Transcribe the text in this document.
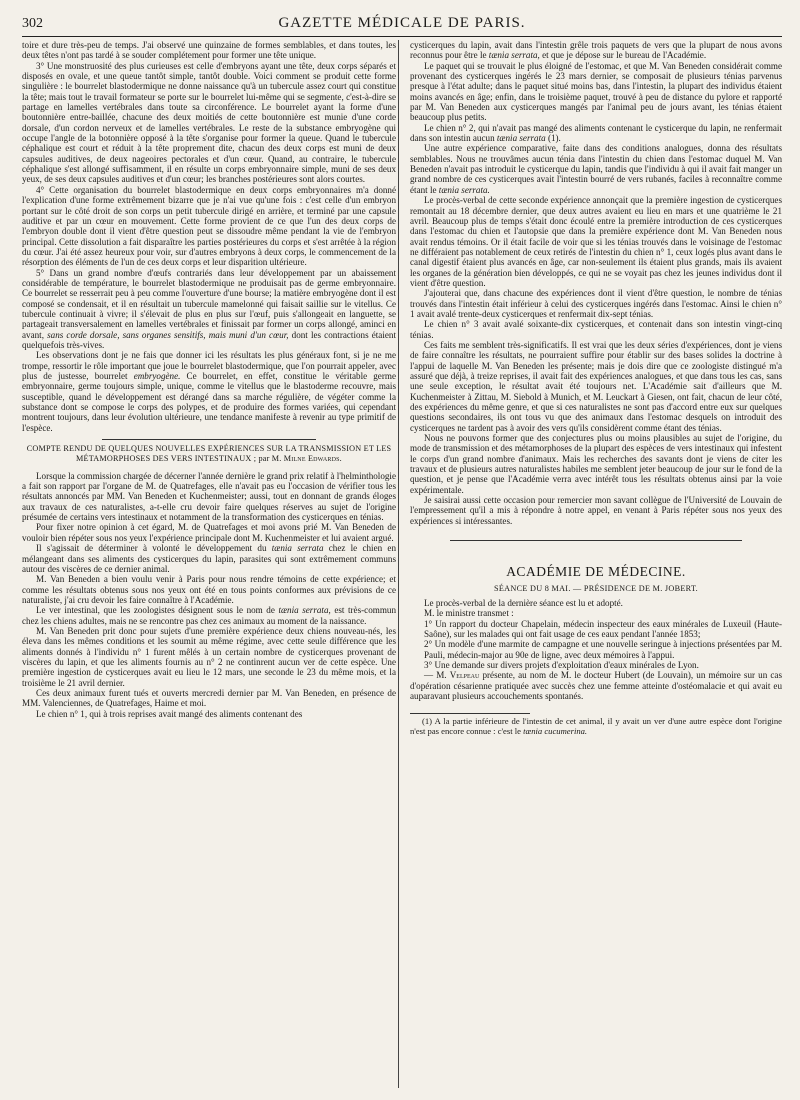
302	GAZETTE MÉDICALE DE PARIS.

toire et dure très-peu de temps. J'ai observé une quinzaine de formes semblables, et dans toutes, les deux têtes n'ont pas tardé à se souder complétement pour former une tête unique.

3° Une monstruosité des plus curieuses est celle d'embryons ayant une tête, deux corps séparés et disposés en ovale, et une queue tantôt simple, tantôt double. Voici comment se produit cette forme singulière : le bourrelet blastodermique ne donne naissance qu'à un tubercule assez court qui constitue la tête; mais tout le travail formateur se porte sur le bourrelet lui-même qui se segmente, c'est-à-dire se partage en lamelles vertébrales dans toute sa circonférence. Le bourrelet ayant la forme d'une boutonnière entre-baillée, chacune des deux moitiés de cette boutonnière est munie d'une corde dorsale, d'un cordon nerveux et de lamelles vertébrales. Le reste de la substance embryogène qui occupe l'angle de la botonnière opposé à la tête s'organise pour former la queue. Quand le tubercule céphalique est court et réduit à la tête proprement dite, chacun des deux corps est muni de deux capsules auditives, de deux nageoires pectorales et d'un cœur. Quand, au contraire, le tubercule céphalique s'est allongé suffisamment, il en résulte un corps embryonnaire simple, muni de ses deux yeux, de ses deux capsules auditives et d'un cœur; les branches postérieures sont alors courtes.

4° Cette organisation du bourrelet blastodermique en deux corps embryonnaires m'a donné l'explication d'une forme extrêmement bizarre que je n'ai vue qu'une fois : c'est celle d'un embryon portant sur le côté droit de son corps un petit tubercule dirigé en arrière, et terminé par une capsule auditive et par un cœur en mouvement. Cette forme provient de ce que l'un des deux corps de l'embryon double dont il vient d'être question peut se dissoudre même pendant la vie de l'embryon principal. Cette dissolution a fait disparaître les parties postérieures du corps et s'est arrêtée à la région du cœur. J'ai été assez heureux pour voir, sur d'autres embryons à deux corps, le commencement de la résorption des éléments de l'un de ces deux corps et leur disparition ultérieure.

5° Dans un grand nombre d'œufs contrariés dans leur développement par un abaissement considérable de température, le bourrelet blastodermique ne produisait pas de germe embryonnaire. Ce bourrelet se resserrait peu à peu comme l'ouverture d'une bourse; la matière embryogène dont il est composé se condensait, et il en résultait un tubercule mamelonné qui faisait saillie sur le vitellus. Ce tubercule continuait à vivre; il s'élevait de plus en plus sur l'œuf, puis s'allongeait en languette, se partageait transversalement en lamelles vertébrales et finissait par former un corps allongé, aminci en avant, sans corde dorsale, sans organes sensitifs, mais muni d'un cœur, dont les contractions étaient quelquefois très-vives.

Les observations dont je ne fais que donner ici les résultats les plus généraux font, si je ne me trompe, ressortir le rôle important que joue le bourrelet blastodermique, que l'on pourrait appeler, avec plus de justesse, bourrelet embryogène. Ce bourrelet, en effet, constitue le véritable germe embryonnaire, germe toujours simple, unique, comme le vitellus que le blastoderme recouvre, mais susceptible, quand le développement est dérangé dans sa marche régulière, de végéter comme la substance dont se compose le corps des polypes, et de produire des formes variées, qui cependant montrent toujours, dans leur évolution ultérieure, une tendance manifeste à revenir au type primitif de l'espèce.

COMPTE RENDU DE QUELQUES NOUVELLES EXPÉRIENCES SUR LA TRANSMISSION ET LES MÉTAMORPHOSES DES VERS INTESTINAUX ; par M. Milne Edwards.

Lorsque la commission chargée de décerner l'année dernière le grand prix relatif à l'helminthologie a fait son rapport par l'organe de M. de Quatrefages, elle n'avait pas eu l'occasion de vérifier tous les résultats annoncés par MM. Van Beneden et Kuchenmeister; aussi, tout en donnant de grands éloges aux travaux de ces naturalistes, a-t-elle cru devoir faire quelques réserves au sujet de l'origine présumée de certains vers intestinaux et notamment de la transformation des cysticerques en ténias.

Pour fixer notre opinion à cet égard, M. de Quatrefages et moi avons prié M. Van Beneden de vouloir bien répéter sous nos yeux l'expérience principale dont M. Kuchenmeister et lui avaient argué.

Il s'agissait de déterminer à volonté le développement du tænia serrata chez le chien en mélangeant dans ses aliments des cysticerques du lapin, parasites qui sont extrêmement communs autour des viscères de ce dernier animal.

M. Van Beneden a bien voulu venir à Paris pour nous rendre témoins de cette expérience; et comme les résultats obtenus sous nos yeux ont été en tous points conformes aux prévisions de ce naturaliste, j'ai cru devoir les faire connaître à l'Académie.

Le ver intestinal, que les zoologistes désignent sous le nom de tænia serrata, est très-commun chez les chiens adultes, mais ne se rencontre pas chez ces animaux au moment de la naissance.

M. Van Beneden prit donc pour sujets d'une première expérience deux chiens nouveau-nés, les éleva dans les mêmes conditions et les soumit au même régime, avec cette seule différence que les aliments donnés à l'individu n° 1 furent mêlés à un certain nombre de cysticerques provenant de viscères du lapin, et que les aliments fournis au n° 2 ne continrent aucun ver de cette espèce. Une première ingestion de cysticerques avait eu lieu le 12 mars, une seconde le 23 du même mois, et la troisième le 21 avril dernier.

Ces deux animaux furent tués et ouverts mercredi dernier par M. Van Beneden, en présence de MM. Valenciennes, de Quatrefages, Haime et moi.

Le chien n° 1, qui à trois reprises avait mangé des aliments contenant des

cysticerques du lapin, avait dans l'intestin grêle trois paquets de vers que la plupart de nous avons reconnus pour être le tænia serrata, et que je dépose sur le bureau de l'Académie.

Le paquet qui se trouvait le plus éloigné de l'estomac, et que M. Van Beneden considérait comme provenant des cysticerques ingérés le 23 mars dernier, se composait de plusieurs ténias parvenus presque à l'état adulte; dans le paquet situé moins bas, dans l'intestin, la plupart des individus étaient moins avancés en âge; enfin, dans le troisième paquet, trouvé à peu de distance du pylore et rapporté par M. Van Beneden aux cysticerques mangés par l'animal peu de jours avant, les ténias étaient beaucoup plus petits.

Le chien n° 2, qui n'avait pas mangé des aliments contenant le cysticerque du lapin, ne renfermait dans son intestin aucun tænia serrata (1).

Une autre expérience comparative, faite dans des conditions analogues, donna des résultats semblables. Nous ne trouvâmes aucun ténia dans l'intestin du chien dans l'estomac duquel M. Van Beneden n'avait pas introduit le cysticerque du lapin, tandis que l'individu à qui il avait fait manger un grand nombre de ces cysticerques avait l'intestin bourré de vers rubanés, faciles à reconnaître comme étant le tænia serrata.

Le procès-verbal de cette seconde expérience annonçait que la première ingestion de cysticerques remontait au 18 décembre dernier, que deux autres avaient eu lieu en mars et une quatrième le 21 avril. Beaucoup plus de temps s'était donc écoulé entre la première introduction de ces cysticerques dans l'estomac du chien et l'autopsie que dans la première expérience dont M. Van Beneden nous avait rendus témoins. Or il était facile de voir que si les ténias trouvés dans le voisinage de l'estomac ne différaient pas notablement de ceux retirés de l'intestin du chien n° 1, ceux logés plus avant dans le canal digestif étaient plus avancés en âge, car non-seulement ils étaient plus grands, mais ils avaient les organes de la génération bien développés, ce qui ne se voyait pas chez les jeunes individus dont il vient d'être question.

J'ajouterai que, dans chacune des expériences dont il vient d'être question, le nombre de ténias trouvés dans l'intestin était inférieur à celui des cysticerques ingérés dans l'estomac. Ainsi le chien n° 1 avait avalé trente-deux cysticerques et renfermait dix-sept ténias.

Le chien n° 3 avait avalé soixante-dix cysticerques, et contenait dans son intestin vingt-cinq ténias.

Ces faits me semblent très-significatifs. Il est vrai que les deux séries d'expériences, dont je viens de faire connaître les résultats, ne pourraient suffire pour établir sur des bases solides la doctrine à l'appui de laquelle M. Van Beneden les présente; mais je dois dire que ce zoologiste distingué m'a assuré que déjà, à treize reprises, il avait fait des expériences analogues, et que dans tous les cas, sans une seule exception, le résultat avait été toujours net. L'Académie sait d'ailleurs que M. Kuchenmeister à Zittau, M. Siebold à Munich, et M. Leuckart à Giesen, ont fait, chacun de leur côté, des expériences du même genre, et que si ces naturalistes ne sont pas d'accord entre eux sur quelques questions secondaires, ils ont tous vu que des animaux dans l'estomac desquels on introduit des cysticerques ne tardent pas à avoir des vers qu'ils considèrent comme étant des ténias.

Nous ne pouvons former que des conjectures plus ou moins plausibles au sujet de l'origine, du mode de transmission et des métamorphoses de la plupart des espèces de vers intestinaux qui infestent le corps d'un grand nombre d'animaux. Mais les recherches des savants dont je viens de citer les travaux et de plusieurs autres naturalistes habiles me semblent jeter beaucoup de jour sur le fond de la question, et je pense que l'Académie verra avec intérêt tous les résultats obtenus ainsi par la voie expérimentale.

Je saisirai aussi cette occasion pour remercier mon savant collègue de l'Université de Louvain de l'empressement qu'il a mis à répondre à notre appel, en venant à Paris répéter sous nos yeux des expériences si intéressantes.

ACADÉMIE DE MÉDECINE.

SÉANCE DU 8 MAI. — PRÉSIDENCE DE M. JOBERT.

Le procès-verbal de la dernière séance est lu et adopté.

M. le ministre transmet :

1° Un rapport du docteur Chapelain, médecin inspecteur des eaux minérales de Luxeuil (Haute-Saône), sur les malades qui ont fait usage de ces eaux pendant l'année 1853;

2° Un modèle d'une marmite de campagne et une nouvelle seringue à injections présentées par M. Pauli, médecin-major au 90e de ligne, avec deux mémoires à l'appui.

3° Une demande sur divers projets d'exploitation d'eaux minérales de Lyon.

— M. Velpeau présente, au nom de M. le docteur Hubert (de Louvain), un mémoire sur un cas d'opération césarienne pratiquée avec succès chez une femme atteinte d'ostéomalacie et qui avait eu auparavant plusieurs accouchements spontanés.

(1) A la partie inférieure de l'intestin de cet animal, il y avait un ver d'une autre espèce dont l'origine n'est pas encore connue : c'est le tænia cucumerina.
